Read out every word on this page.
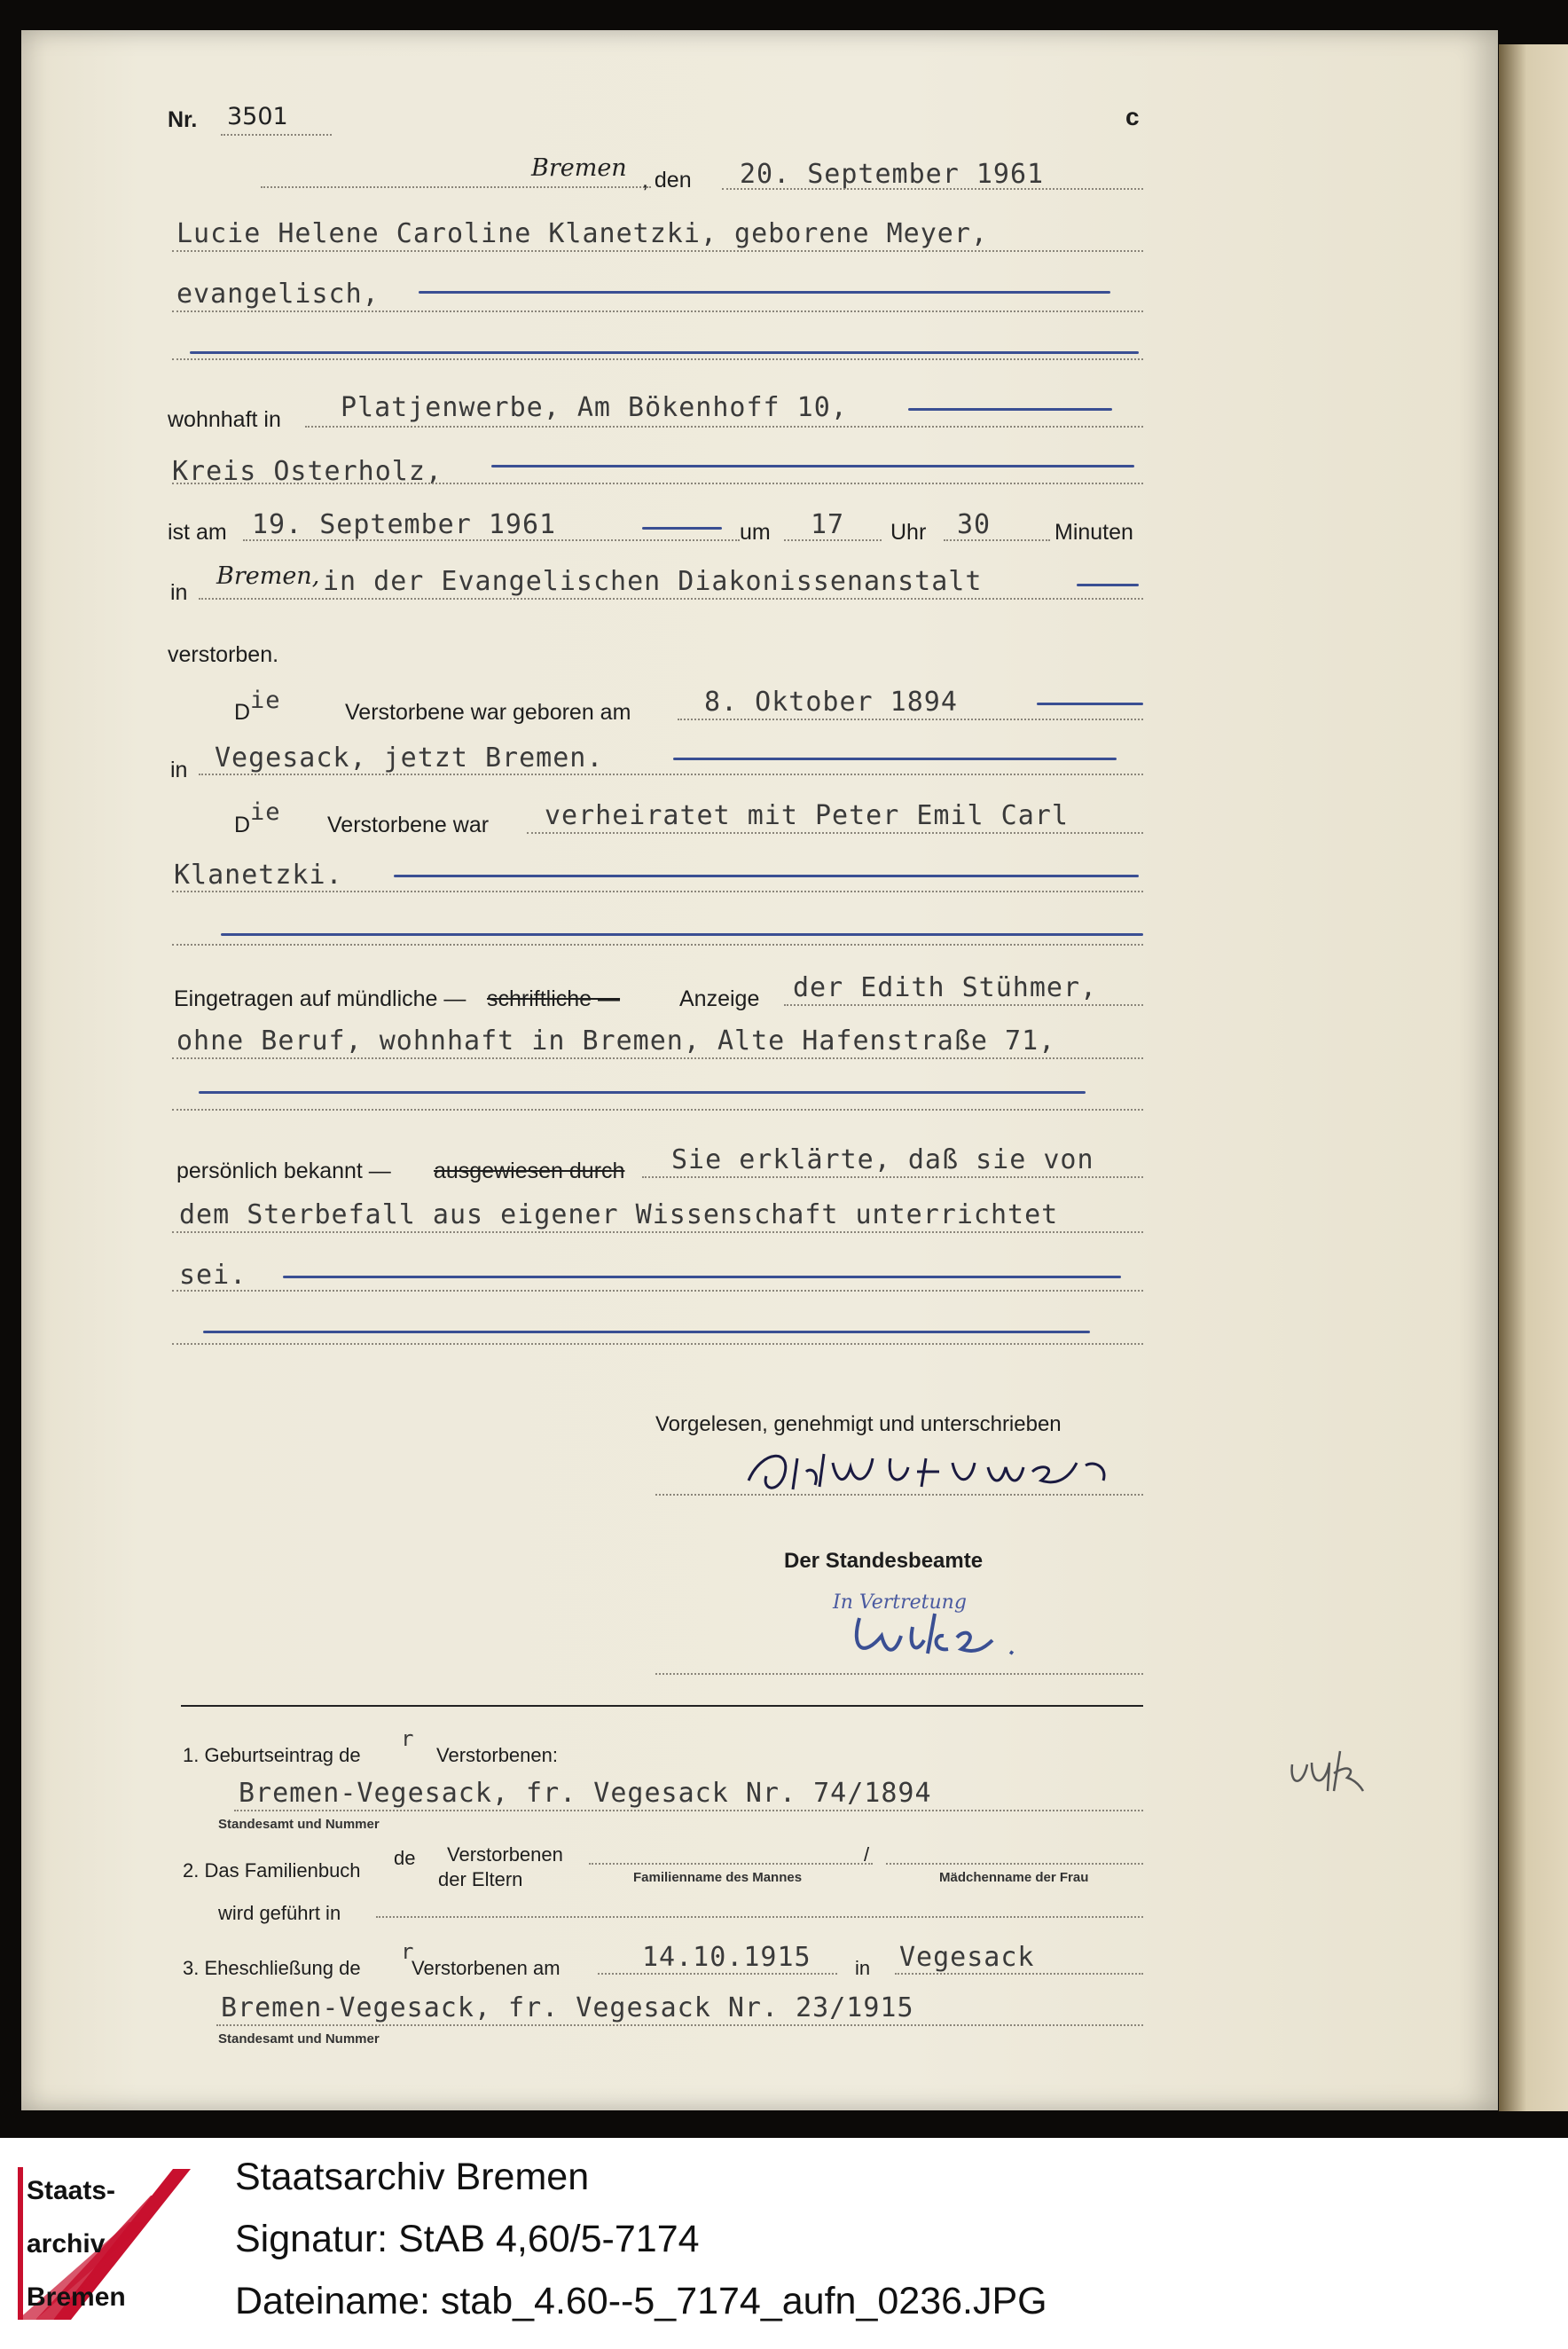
Nr. 3501	c
Bremen , den 20. September 1961
Lucie Helene Caroline Klanetzki, geborene Meyer,
evangelisch,
wohnhaft in Platjenwerbe, Am Bökenhoff 10,
Kreis Osterholz,
ist am 19. September 1961	um 17 Uhr 30	Minuten
in
Bremen, in der Evangelischen Diakonissenanstalt
verstorben.
D ie	Verstorbene war geboren am	8. Oktober 1894
in Vegesack, jetzt Bremen.
D ie Verstorbene war verheiratet mit Peter Emil Carl
Klanetzki.
Eingetragen auf mündliche — schriftliche —	Anzeige der Edith Stühmer,
ohne Beruf, wohnhaft in Bremen, Alte Hafenstraße 71,
persönlich bekannt — ausgewiesen durch Sie erklärte, daß sie von
dem Sterbefall aus eigener Wissenschaft unterrichtet
sei.
Vorgelesen, genehmigt und unterschrieben
Der Standesbeamte
In Vertretung
1. Geburtseintrag de
r
Verstorbenen:
Bremen-Vegesack, fr. Vegesack Nr. 74/1894
Standesamt und Nummer
2. Das Familienbuch
de Verstorbenen
der Eltern
/
Familienname des Mannes	Mädchenname der Frau
wird geführt in
3. Eheschließung de
r
Verstorbenen am	14.10.1915 in Vegesack
Bremen-Vegesack, fr. Vegesack Nr. 23/1915
Standesamt und Nummer
Staats-
archiv
Bremen
Staatsarchiv Bremen
Signatur: StAB 4,60/5-7174
Dateiname: stab_4.60--5_7174_aufn_0236.JPG
